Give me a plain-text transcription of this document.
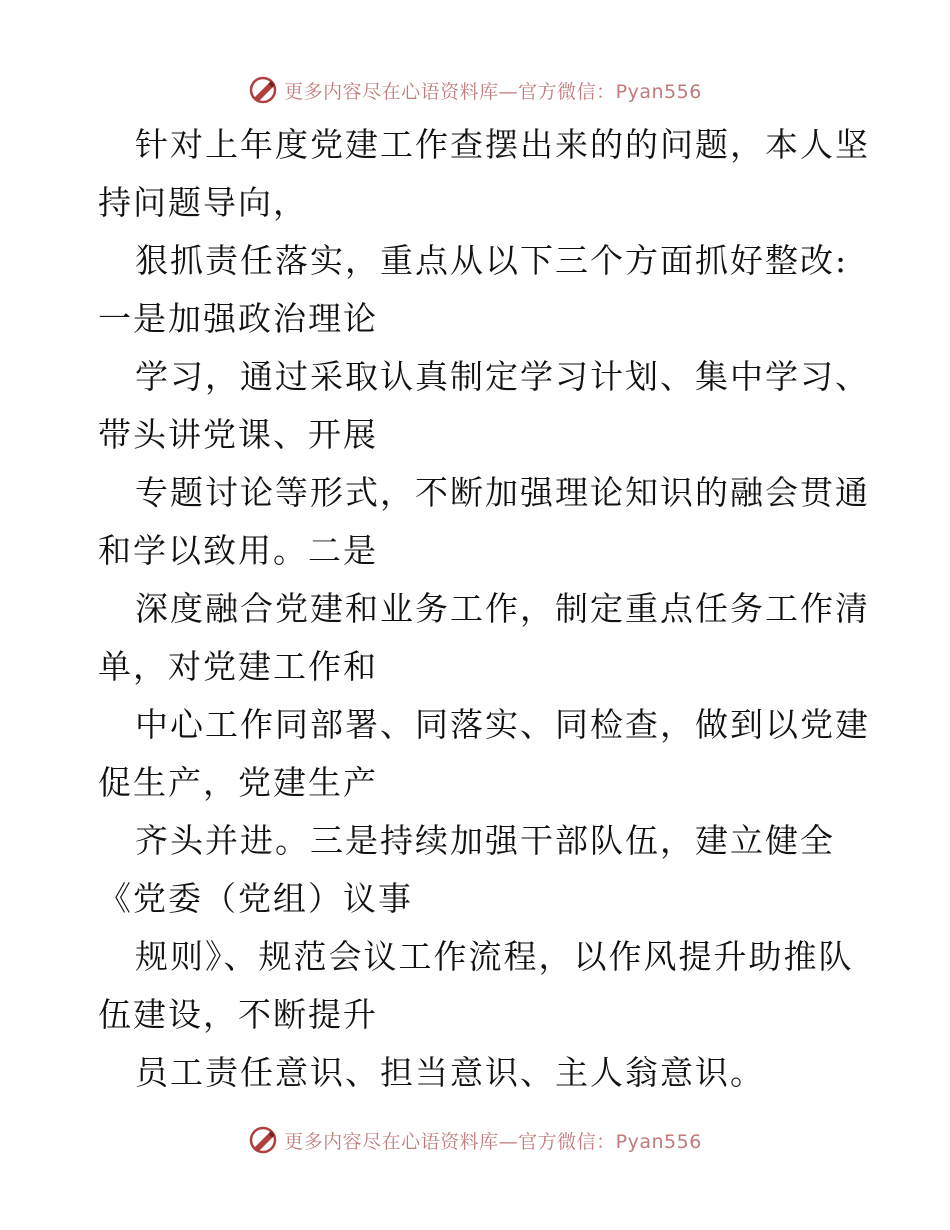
更多内容尽在心语资料库—官方微信：Pyan556
针对上年度党建工作查摆出来的的问题，本人坚
持问题导向，
狠抓责任落实，重点从以下三个方面抓好整改:
一是加强政治理论
学习，通过采取认真制定学习计划、集中学习、
带头讲党课、开展
专题讨论等形式，不断加强理论知识的融会贯通
和学以致用。二是
深度融合党建和业务工作，制定重点任务工作清
单，对党建工作和
中心工作同部署、同落实、同检查，做到以党建
促生产，党建生产
齐头并进。三是持续加强干部队伍，建立健全
《党委（党组）议事
规则》、规范会议工作流程，以作风提升助推队
伍建设，不断提升
员工责任意识、担当意识、主人翁意识。
更多内容尽在心语资料库—官方微信：Pyan556
